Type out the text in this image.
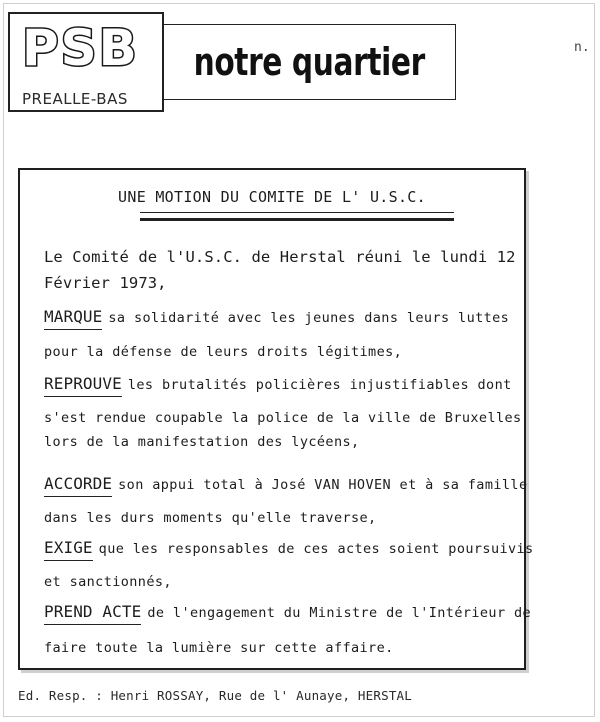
PSB
PREALLE-BAS
notre quartier	n.
UNE MOTION DU COMITE DE L' U.S.C.
Le Comité de l'U.S.C. de Herstal réuni le lundi 12
Février 1973,
MARQUE sa solidarité avec les jeunes dans leurs luttes
pour la défense de leurs droits légitimes,
REPROUVE les brutalités policières injustifiables dont
s'est rendue coupable la police de la ville de Bruxelles
lors de la manifestation des lycéens,
ACCORDE son appui total à José VAN HOVEN et à sa famille
dans les durs moments qu'elle traverse,
EXIGE que les responsables de ces actes soient poursuivis
et sanctionnés,
PREND ACTE de l'engagement du Ministre de l'Intérieur de
faire toute la lumière sur cette affaire.
Ed. Resp. : Henri ROSSAY, Rue de l' Aunaye, HERSTAL
